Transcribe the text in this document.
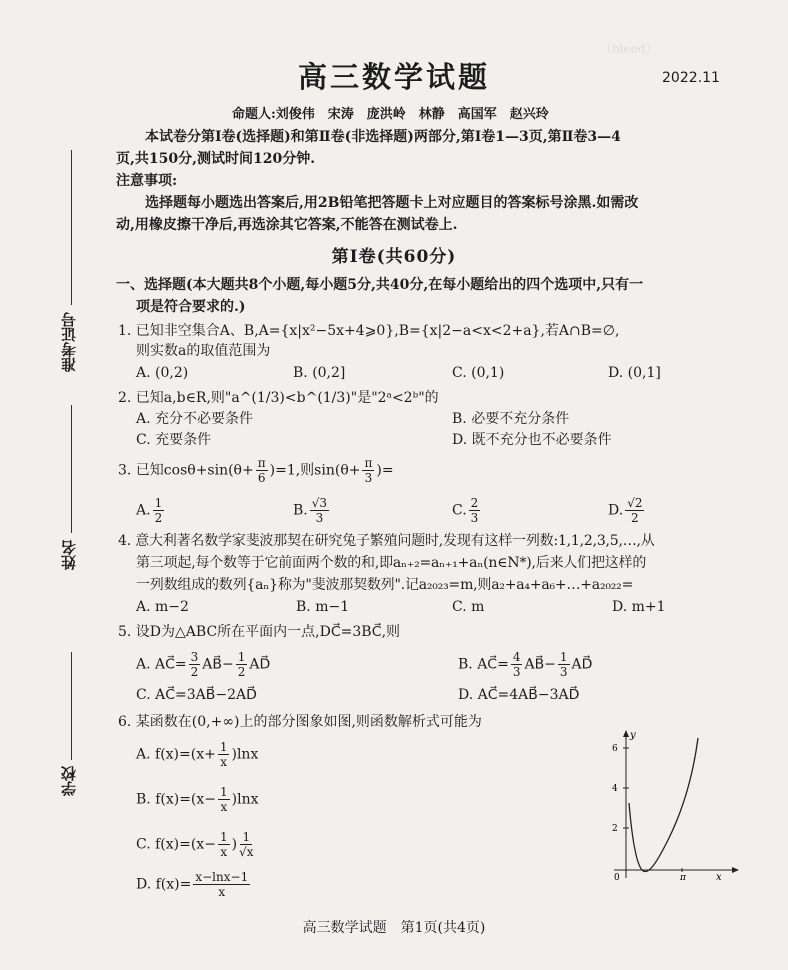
（bleed）
准考证号
姓名
学校
高三数学试题	2022.11
命题人:刘俊伟　宋涛　庞洪岭　林静　高国军　赵兴玲
本试卷分第Ⅰ卷(选择题)和第Ⅱ卷(非选择题)两部分,第Ⅰ卷1—3页,第Ⅱ卷3—4
页,共150分,测试时间120分钟.
注意事项:
选择题每小题选出答案后,用2B铅笔把答题卡上对应题目的答案标号涂黑.如需改
动,用橡皮擦干净后,再选涂其它答案,不能答在测试卷上.
第Ⅰ卷(共60分)
一、选择题(本大题共8个小题,每小题5分,共40分,在每小题给出的四个选项中,只有一
项是符合要求的.)
1. 已知非空集合A、B,A={x|x²−5x+4⩾0},B={x|2−a<x<2+a},若A∩B=∅,
则实数a的取值范围为
A. (0,2)	B. (0,2]	C. (0,1)	D. (0,1]
2. 已知a,b∈R,则"a^(1/3)<b^(1/3)"是"2ᵃ<2ᵇ"的
A. 充分不必要条件	B. 必要不充分条件
C. 充要条件	D. 既不充分也不必要条件
3. 已知$\cos\theta+\sin(\theta+ \frac{\pi}{6} )=1$,则$\sin(\theta+ \frac{\pi}{3}$ )=
A. $\frac{1}{2}$	B. $\frac{√3}{3}$	C. $\frac{2}{3}$	D. $\frac{√2}{2}$
4. 意大利著名数学家斐波那契在研究兔子繁殖问题时,发现有这样一列数:1,1,2,3,5,…,从
第三项起,每个数等于它前面两个数的和,即aₙ₊₂=aₙ₊₁+aₙ(n∈N*),后来人们把这样的
一列数组成的数列{aₙ}称为"斐波那契数列".记a₂₀₂₃=m,则a₂+a₄+a₆+…+a₂₀₂₂=
A. m−2	B. m−1	C. m	D. m+1
5. 设D为△ABC所在平面内一点,DC⃗=3BC⃗,则
A. AC⃗= $\frac{3}{2}$ AB⃗− $\frac{1}{2}$ AD⃗	B. AC⃗= $\frac{4}{3}$ AB⃗− $\frac{1}{3}$ AD⃗
C. AC⃗=3AB⃗−2AD⃗	D. AC⃗=4AB⃗−3AD⃗
6. 某函数在(0,+∞)上的部分图象如图,则函数解析式可能为
A. $f(x)=(x+ \frac{1}{x} )\ln x$
B. $f(x)=(x- \frac{1}{x} )\ln x$
C. $f(x)=(x- \frac{1}{x}$ ) $\frac{1}{√x}$
D. $f(x)= \frac{x-\ln x-1}{x}$
6
4
2
y
x
0	π
高三数学试题　第1页(共4页)
